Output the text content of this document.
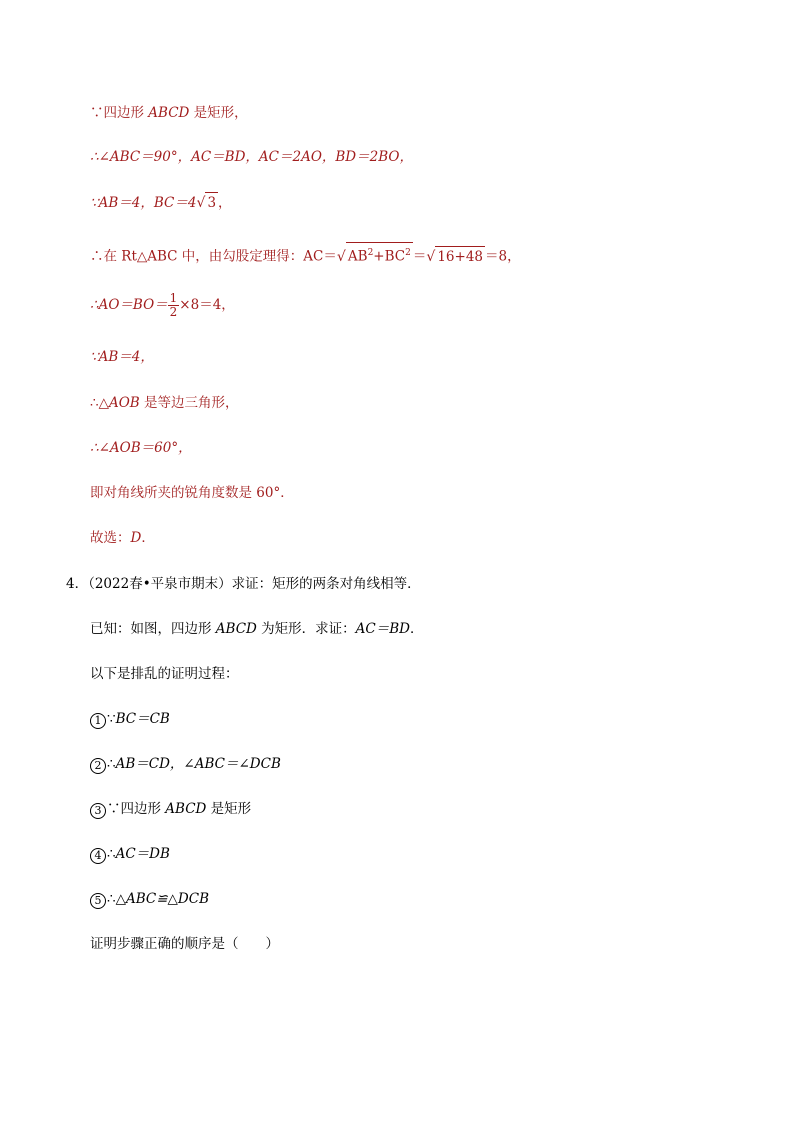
∵四边形 ABCD 是矩形，
∴∠ABC＝90°，AC＝BD，AC＝2AO，BD＝2BO，
∵AB＝4，BC＝4 √ 3 ，
∴在 Rt△ABC 中，由勾股定理得：AC＝ √ $AB^2+BC^2$ ＝ √ 16+48 ＝8，
∴AO＝BO＝ $\frac{1}{2} \times 8=4$，
∵AB＝4，
∴△AOB 是等边三角形，
∴∠AOB＝60°，
即对角线所夹的锐角度数是 60°．
故选：D．
4．（2022春•平泉市期末）求证：矩形的两条对角线相等．
已知：如图，四边形 ABCD 为矩形．求证：AC＝BD．
以下是排乱的证明过程：
1 ∵BC＝CB
2 ∴AB＝CD，∠ABC＝∠DCB
3 ∵四边形 ABCD 是矩形
4 ∴AC＝DB
5 ∴△ABC≌△DCB
证明步骤正确的顺序是（　　）
